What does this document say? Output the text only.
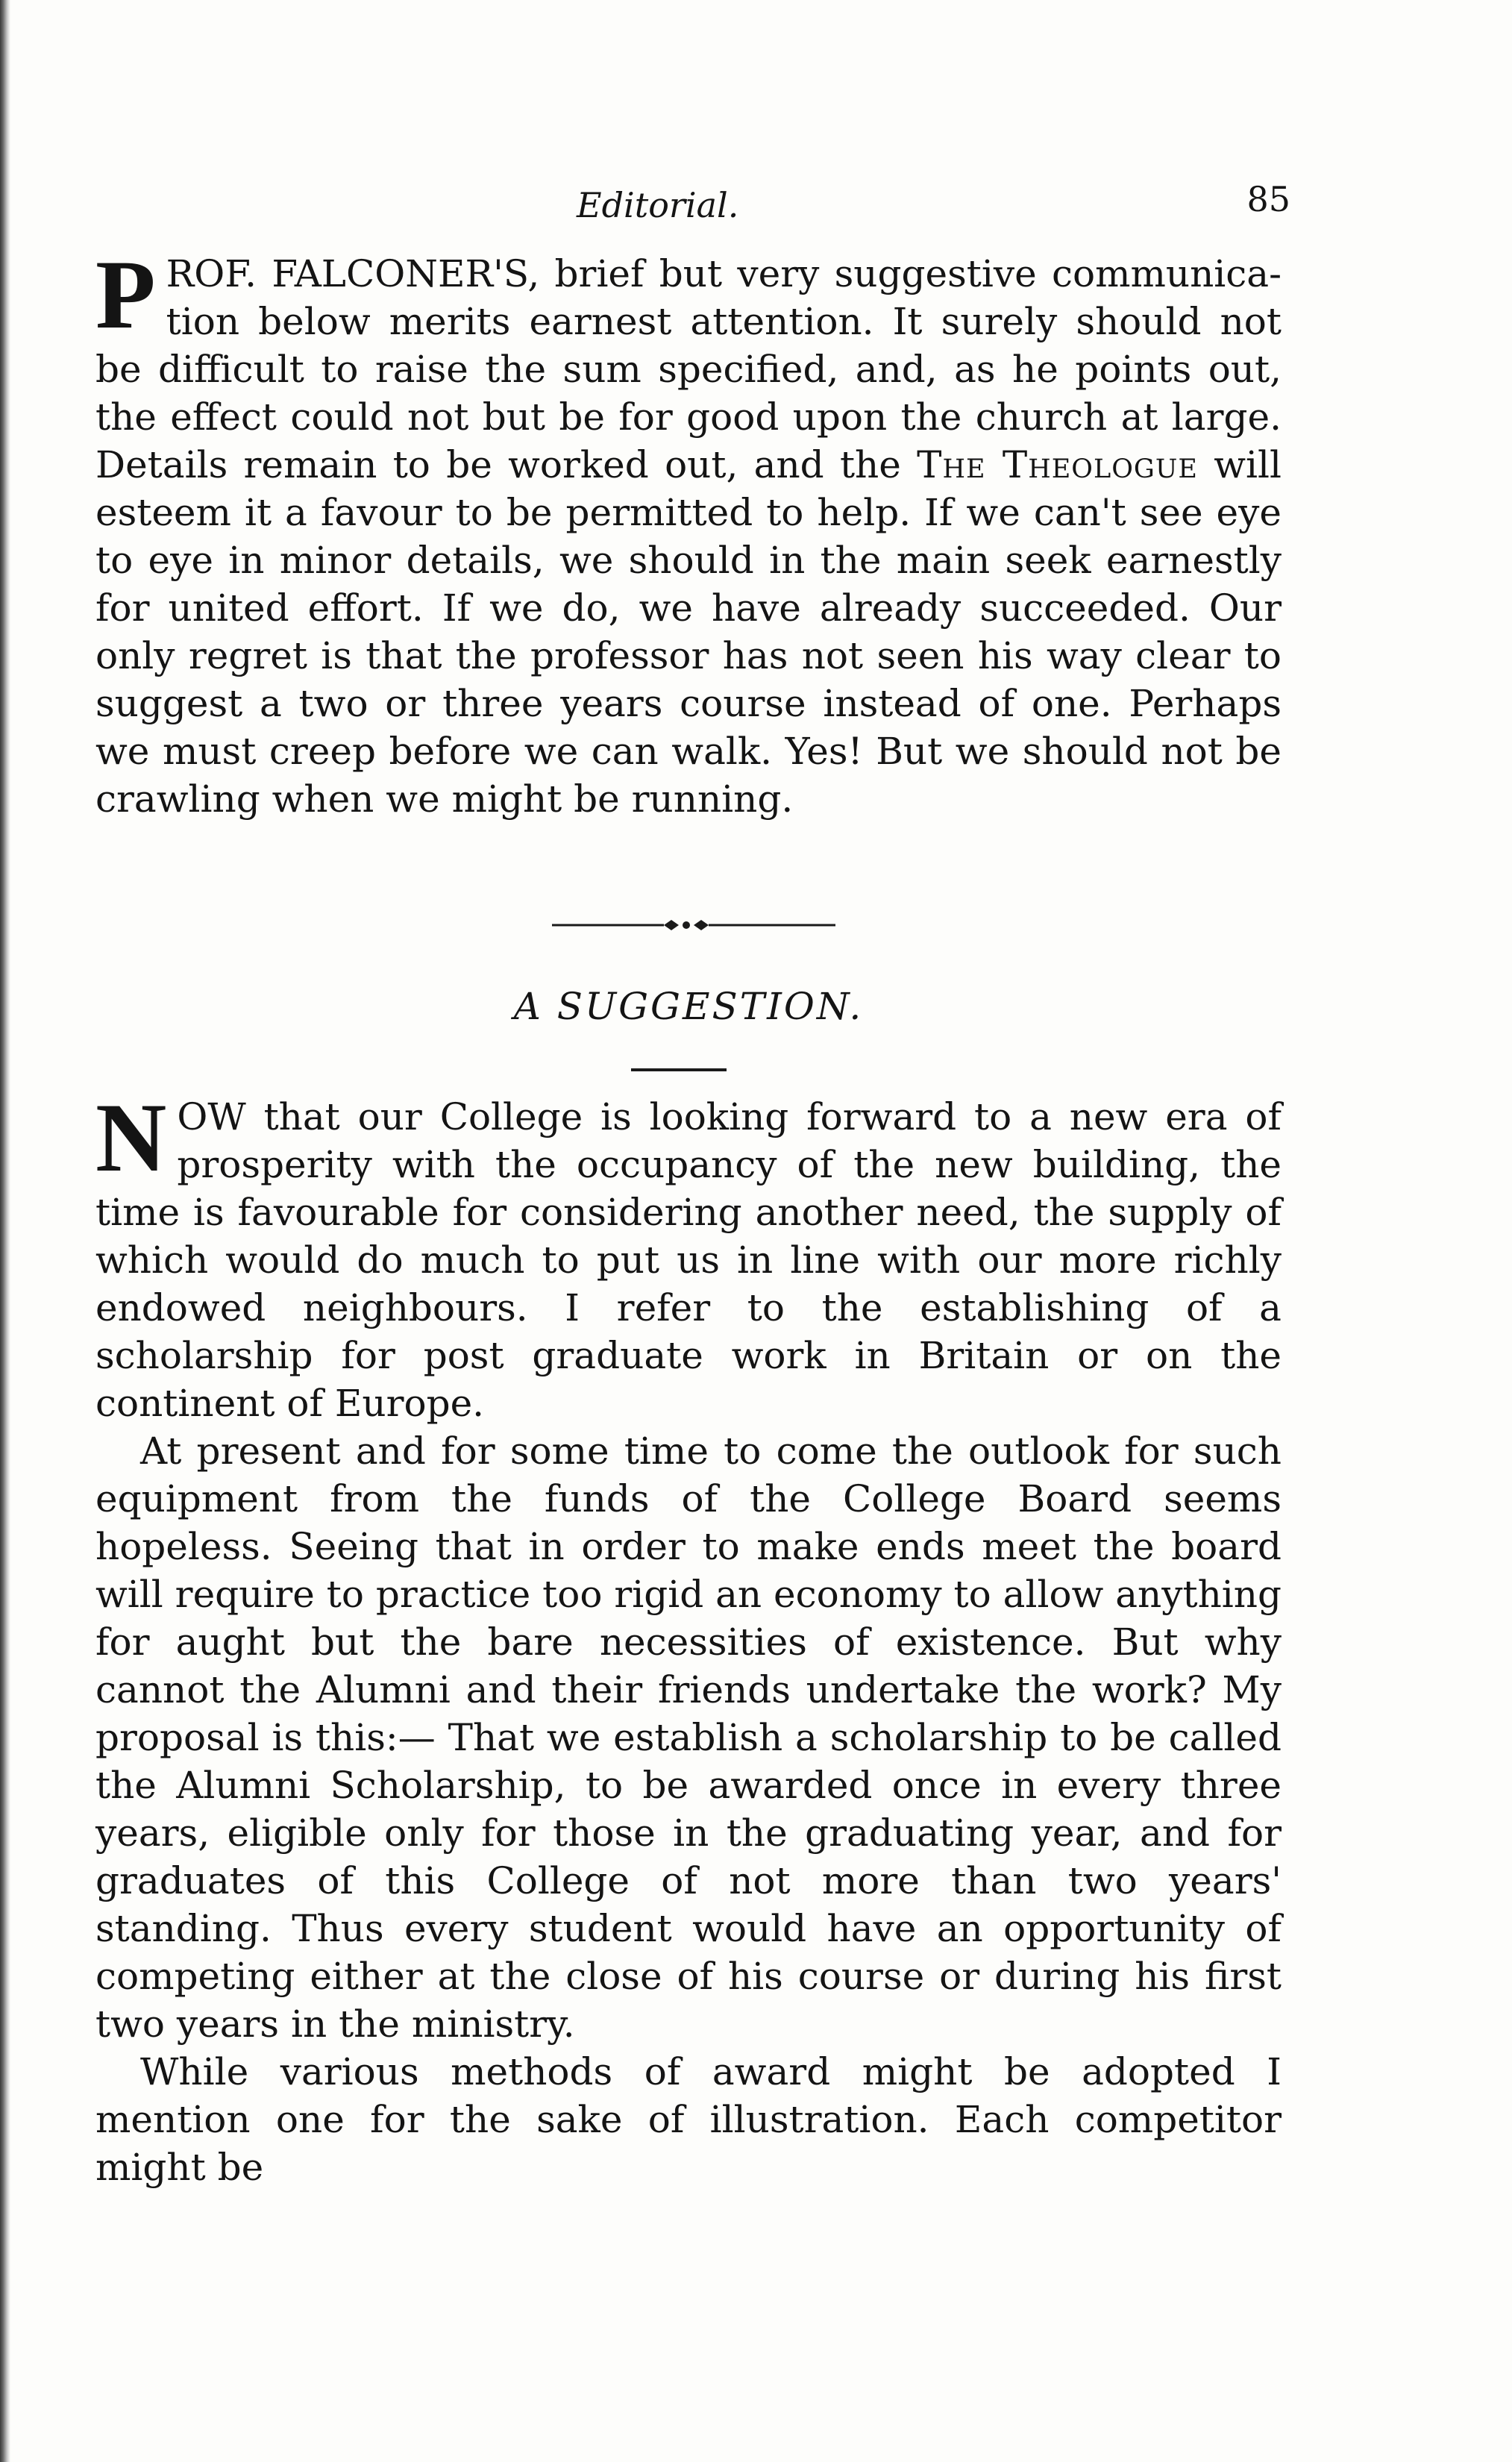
Editorial.	85

P ROF. FALCONER'S, brief but very suggestive communica- tion below merits earnest attention. It surely should not be difficult to raise the sum specified, and, as he points out, the effect could not but be for good upon the church at large. Details remain to be worked out, and the The Theologue will esteem it a favour to be permitted to help. If we can't see eye to eye in minor details, we should in the main seek earnestly for united effort. If we do, we have already succeeded. Our only regret is that the professor has not seen his way clear to suggest a two or three years course instead of one. Perhaps we must creep before we can walk. Yes! But we should not be crawling when we might be running.

A SUGGESTION.

N OW that our College is looking forward to a new era of prosperity with the occupancy of the new building, the time is favourable for considering another need, the supply of which would do much to put us in line with our more richly endowed neighbours. I refer to the establishing of a scholarship for post graduate work in Britain or on the continent of Europe.

At present and for some time to come the outlook for such equipment from the funds of the College Board seems hopeless. Seeing that in order to make ends meet the board will require to practice too rigid an economy to allow anything for aught but the bare necessities of existence. But why cannot the Alumni and their friends undertake the work? My proposal is this:— That we establish a scholarship to be called the Alumni Scholarship, to be awarded once in every three years, eligible only for those in the graduating year, and for graduates of this College of not more than two years' standing. Thus every student would have an opportunity of competing either at the close of his course or during his first two years in the ministry.

While various methods of award might be adopted I mention one for the sake of illustration. Each competitor might be
